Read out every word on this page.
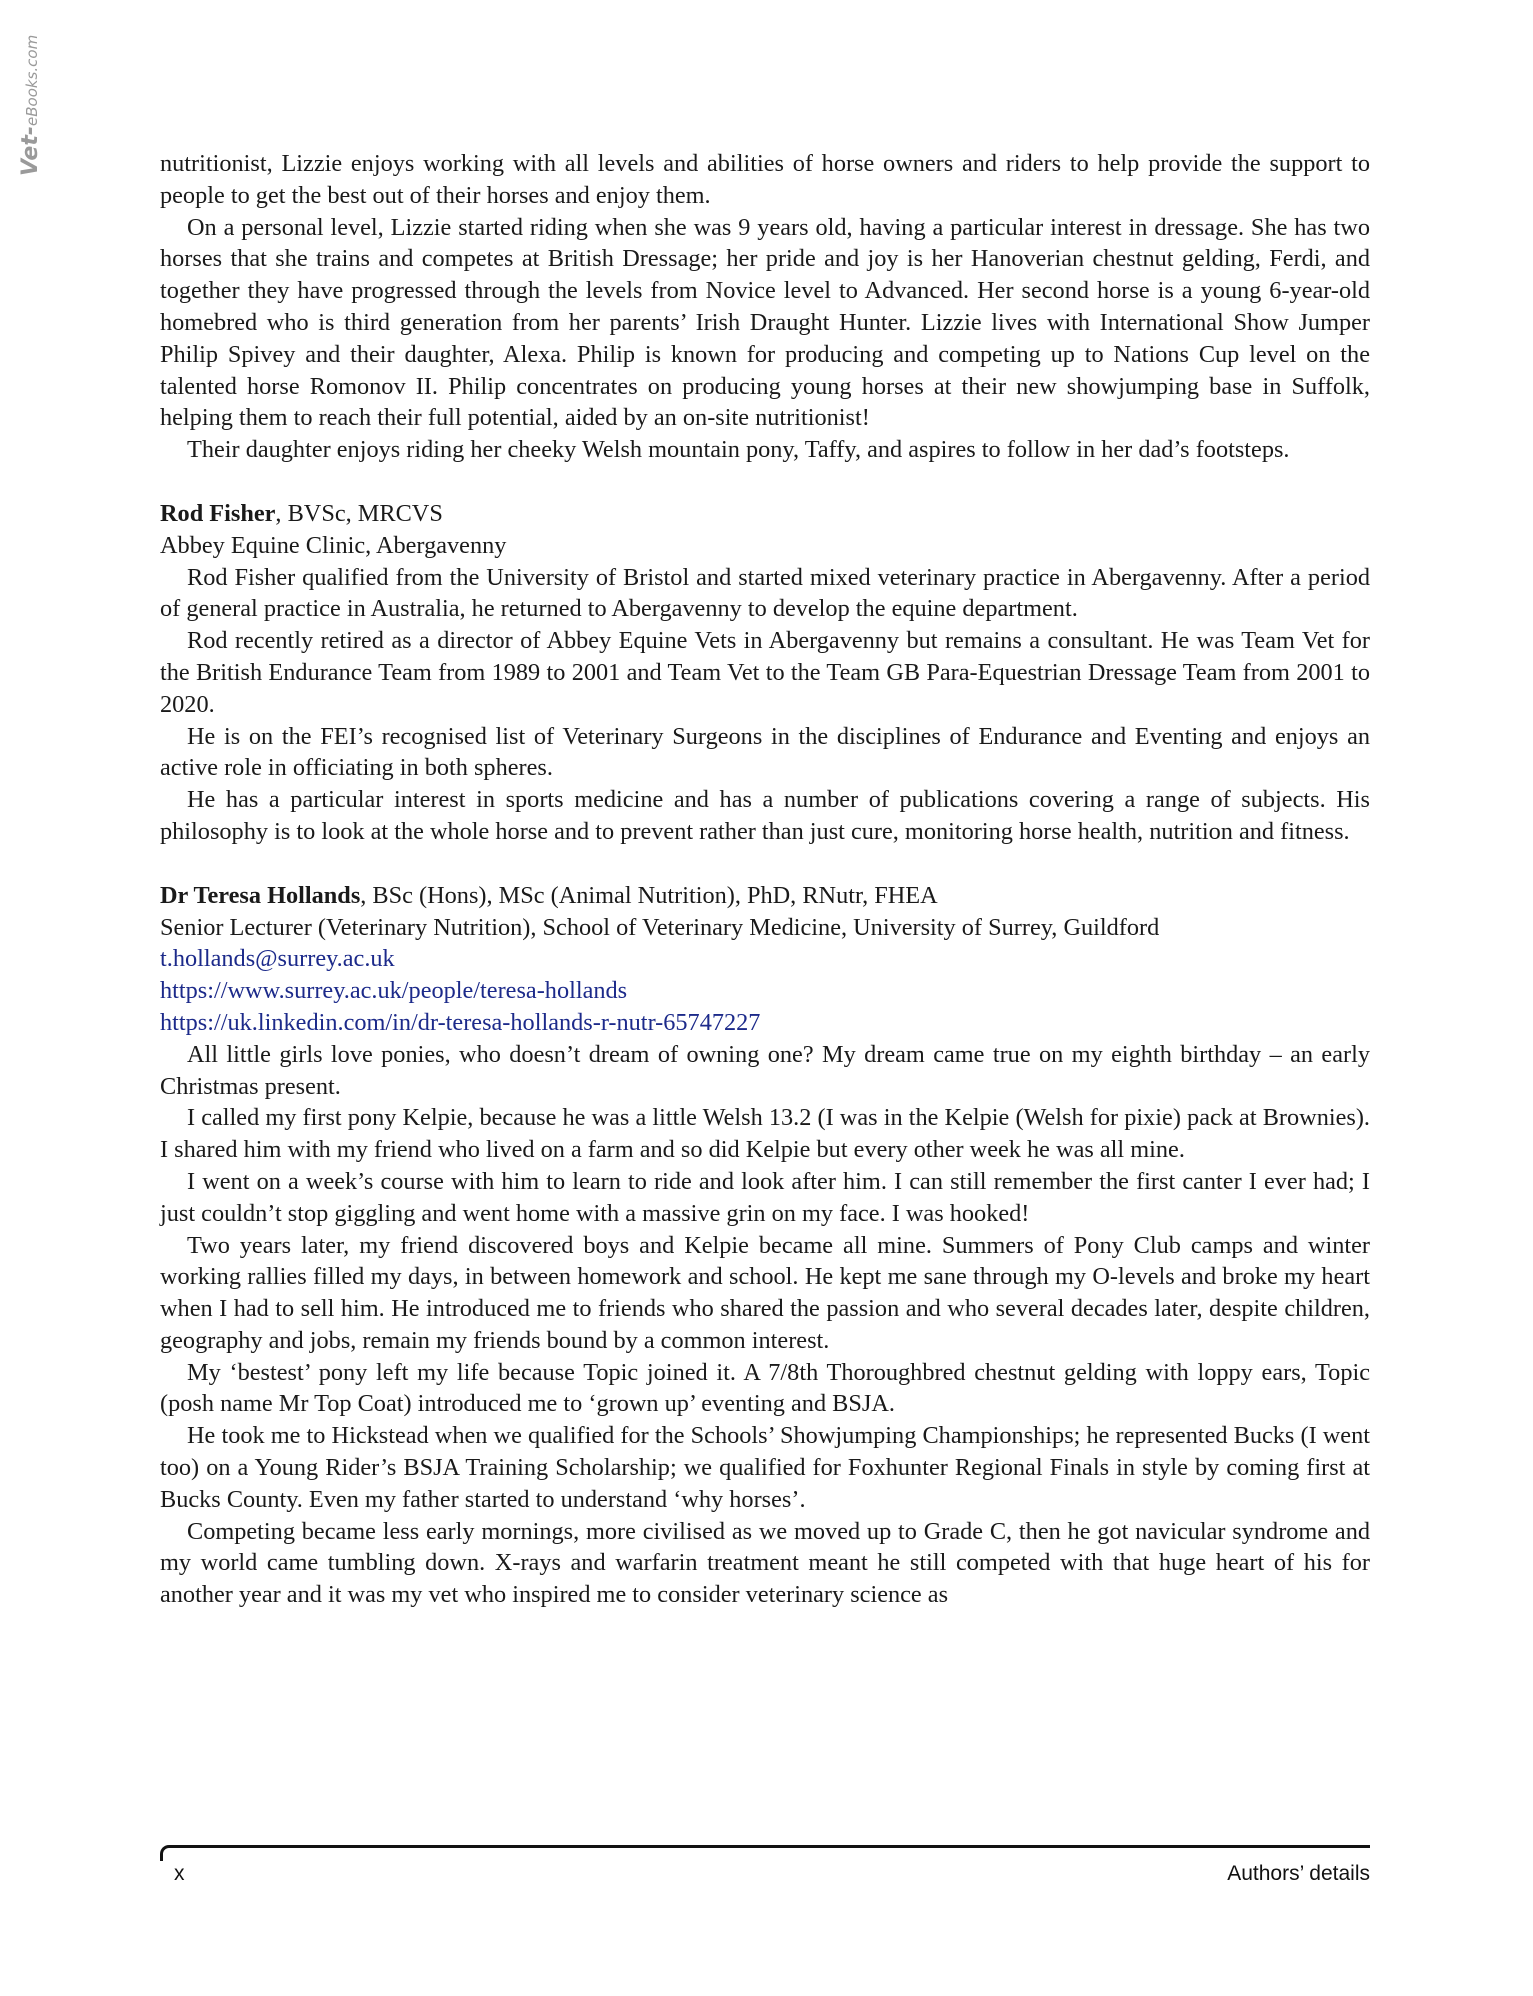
Vet-eBooks.com

nutritionist, Lizzie enjoys working with all levels and abilities of horse owners and riders to help provide the support to people to get the best out of their horses and enjoy them.

On a personal level, Lizzie started riding when she was 9 years old, having a particular interest in dressage. She has two horses that she trains and competes at British Dressage; her pride and joy is her Hanoverian chestnut gelding, Ferdi, and together they have progressed through the levels from Novice level to Advanced. Her second horse is a young 6-year-old homebred who is third generation from her parents’ Irish Draught Hunter. Lizzie lives with International Show Jumper Philip Spivey and their daughter, Alexa. Philip is known for producing and competing up to Nations Cup level on the talented horse Romonov II. Philip concentrates on producing young horses at their new showjumping base in Suffolk, helping them to reach their full potential, aided by an on-site nutritionist!

Their daughter enjoys riding her cheeky Welsh mountain pony, Taffy, and aspires to follow in her dad’s footsteps.

Rod Fisher, BVSc, MRCVS
Abbey Equine Clinic, Abergavenny

Rod Fisher qualified from the University of Bristol and started mixed veterinary practice in Abergavenny. After a period of general practice in Australia, he returned to Abergavenny to develop the equine department.

Rod recently retired as a director of Abbey Equine Vets in Abergavenny but remains a consultant. He was Team Vet for the British Endurance Team from 1989 to 2001 and Team Vet to the Team GB Para-Equestrian Dressage Team from 2001 to 2020.

He is on the FEI’s recognised list of Veterinary Surgeons in the disciplines of Endurance and Eventing and enjoys an active role in officiating in both spheres.

He has a particular interest in sports medicine and has a number of publications covering a range of subjects. His philosophy is to look at the whole horse and to prevent rather than just cure, monitoring horse health, nutrition and fitness.

Dr Teresa Hollands, BSc (Hons), MSc (Animal Nutrition), PhD, RNutr, FHEA
Senior Lecturer (Veterinary Nutrition), School of Veterinary Medicine, University of Surrey, Guildford
t.hollands@surrey.ac.uk
https://www.surrey.ac.uk/people/teresa-hollands
https://uk.linkedin.com/in/dr-teresa-hollands-r-nutr-65747227

All little girls love ponies, who doesn’t dream of owning one? My dream came true on my eighth birthday – an early Christmas present.

I called my first pony Kelpie, because he was a little Welsh 13.2 (I was in the Kelpie (Welsh for pixie) pack at Brownies). I shared him with my friend who lived on a farm and so did Kelpie but every other week he was all mine.

I went on a week’s course with him to learn to ride and look after him. I can still remember the first canter I ever had; I just couldn’t stop giggling and went home with a massive grin on my face. I was hooked!

Two years later, my friend discovered boys and Kelpie became all mine. Summers of Pony Club camps and winter working rallies filled my days, in between homework and school. He kept me sane through my O-levels and broke my heart when I had to sell him. He introduced me to friends who shared the passion and who several decades later, despite children, geography and jobs, remain my friends bound by a common interest.

My ‘bestest’ pony left my life because Topic joined it. A 7/8th Thoroughbred chestnut gelding with loppy ears, Topic (posh name Mr Top Coat) introduced me to ‘grown up’ eventing and BSJA.

He took me to Hickstead when we qualified for the Schools’ Showjumping Championships; he represented Bucks (I went too) on a Young Rider’s BSJA Training Scholarship; we qualified for Foxhunter Regional Finals in style by coming first at Bucks County. Even my father started to understand ‘why horses’.

Competing became less early mornings, more civilised as we moved up to Grade C, then he got navicular syndrome and my world came tumbling down. X-rays and warfarin treatment meant he still competed with that huge heart of his for another year and it was my vet who inspired me to consider veterinary science as

x	Authors’ details
